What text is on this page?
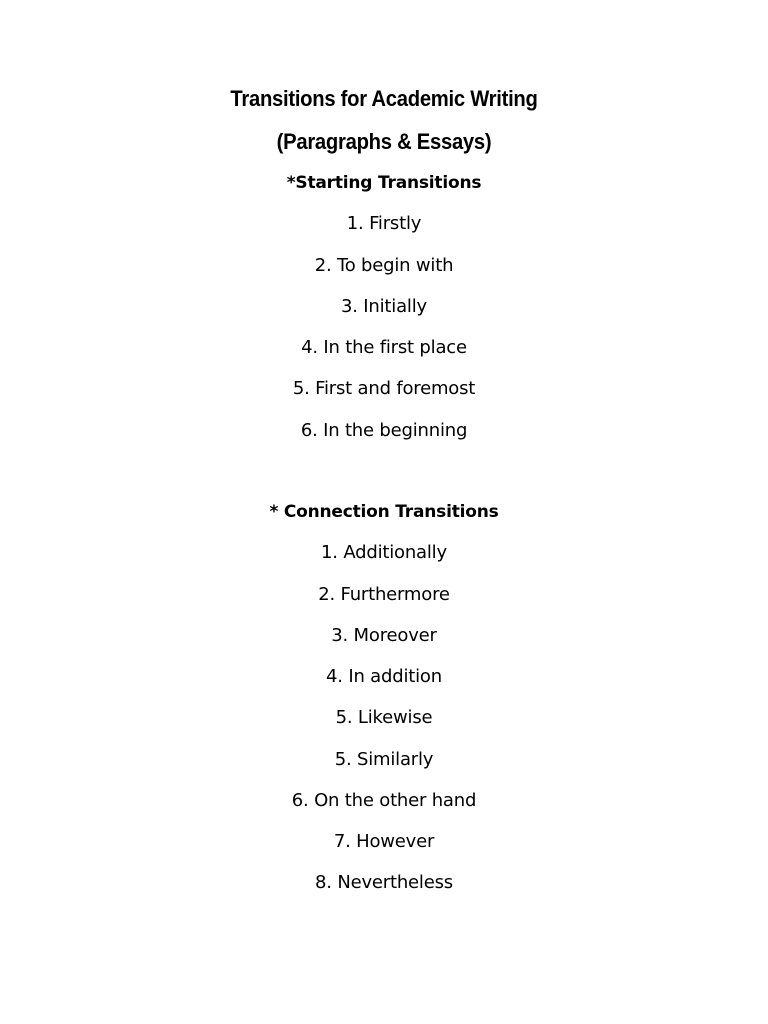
Transitions for Academic Writing
(Paragraphs & Essays)
*Starting Transitions
1. Firstly
2. To begin with
3. Initially
4. In the first place
5. First and foremost
6. In the beginning
* Connection Transitions
1. Additionally
2. Furthermore
3. Moreover
4. In addition
5. Likewise
5. Similarly
6. On the other hand
7. However
8. Nevertheless
